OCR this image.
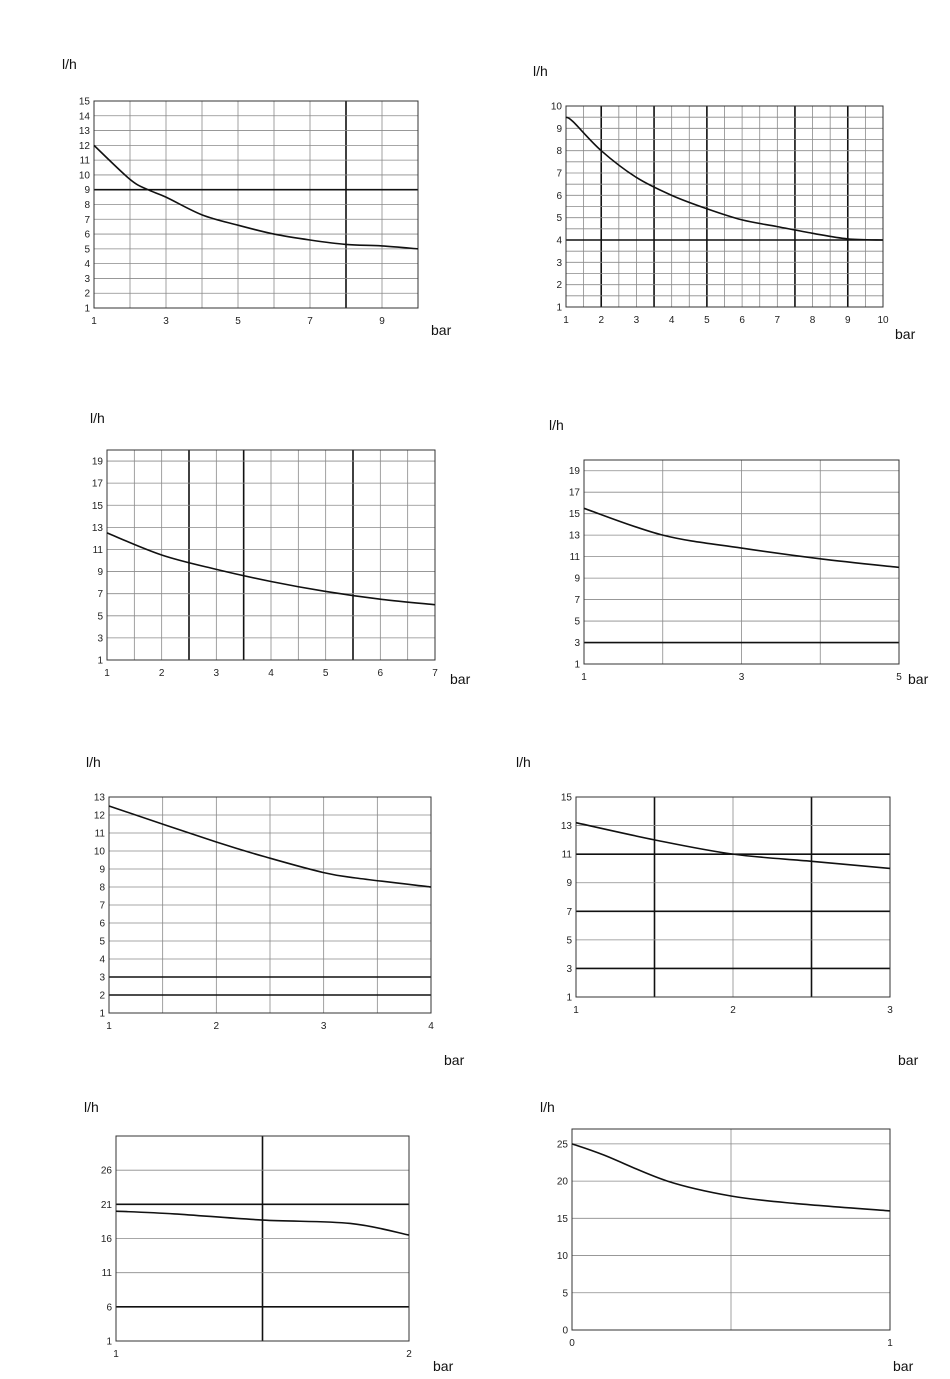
1	3	5	7	9
1
2
3
4
5
6
7
8
9
10
11
12
13
14
15
l/h
bar
1	2	3	4	5	6	7	8	9	10
1
2
3
4
5
6
7
8
9
10
l/h
bar
1	2	3	4	5	6	7
1
3
5
7
9
11
13
15
17
19
l/h
bar	1	3	5
1
3
5
7
9
11
13
15
17
19
l/h
bar
1	2	3	4
1
2
3
4
5
6
7
8
9
10
11
12
13
l/h
bar
1	2	3
1
3
5
7
9
11
13
15
l/h
bar
1	2
1
6
11
16
21
26
l/h
bar
0	1
0
5
10
15
20
25
l/h
bar
